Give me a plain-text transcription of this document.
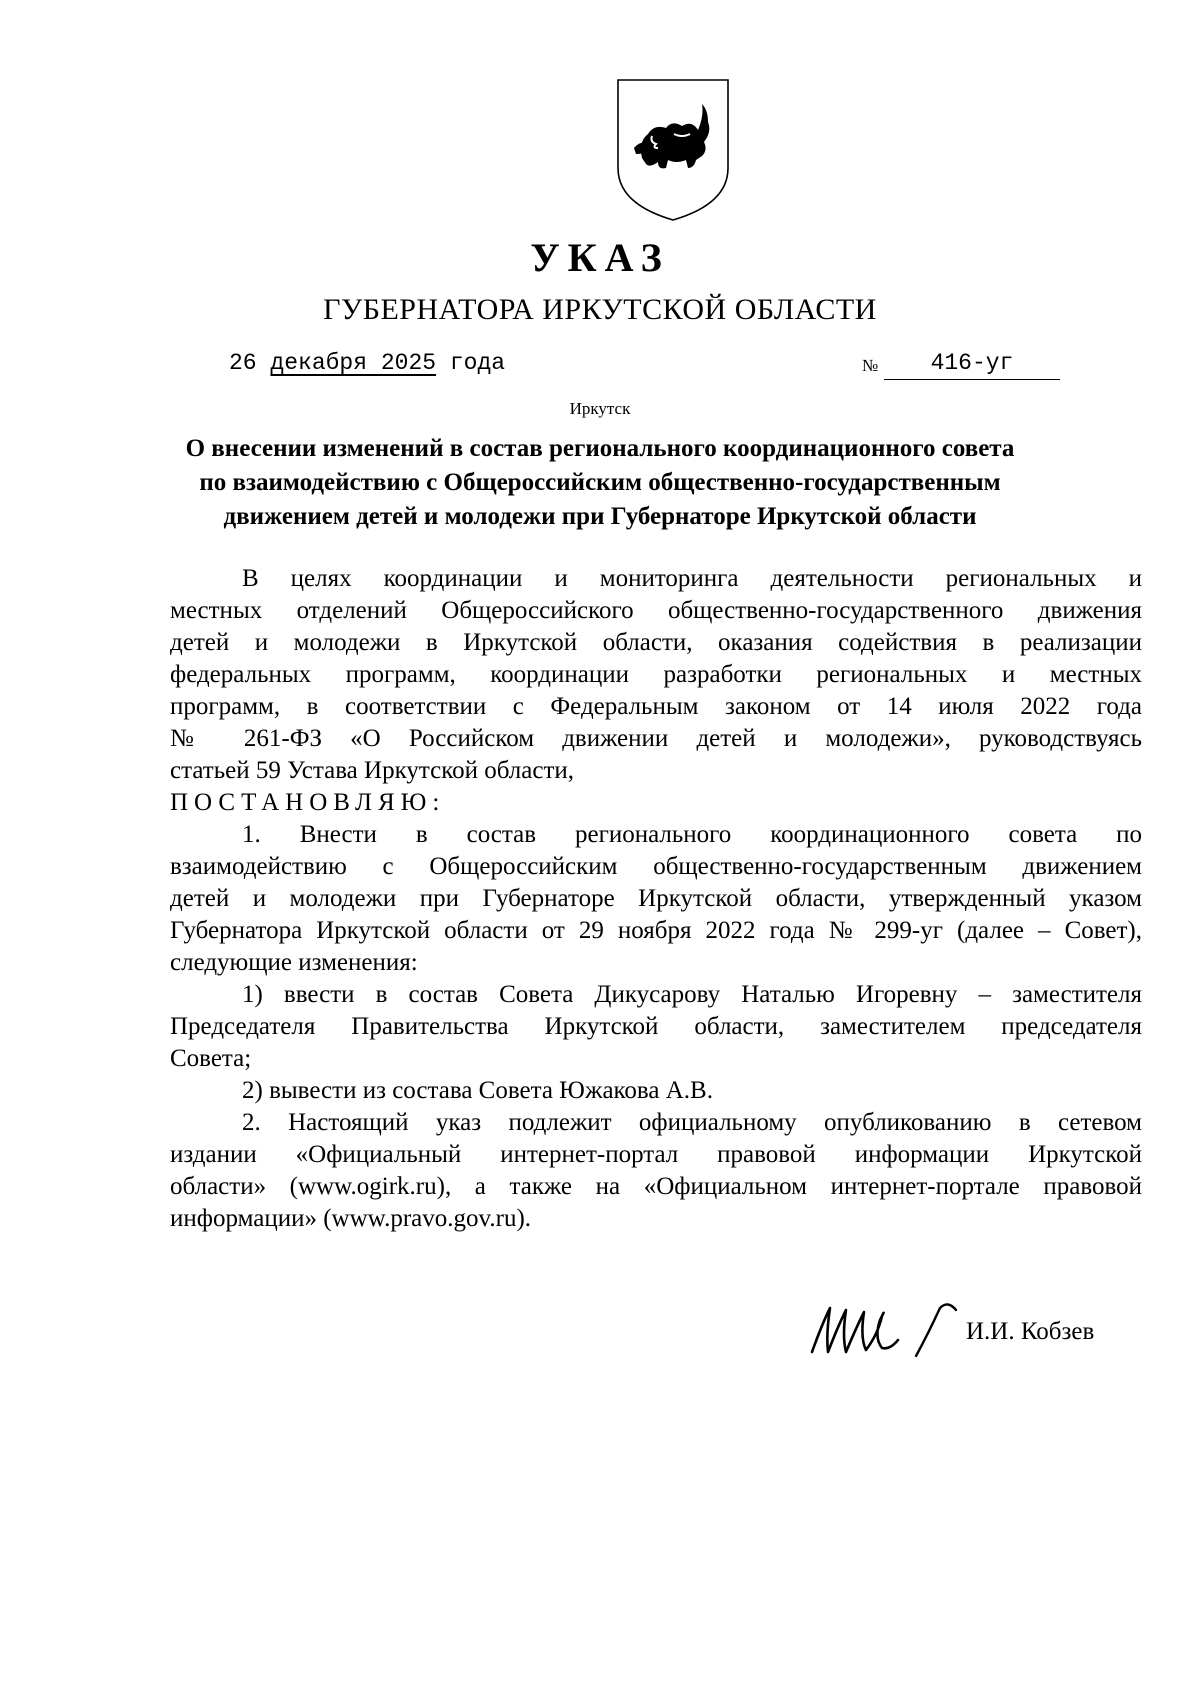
УКАЗ
ГУБЕРНАТОРА ИРКУТСКОЙ ОБЛАСТИ
26 декабря 2025 года	№	416-уг
Иркутск
О внесении изменений в состав регионального координационного совета
по взаимодействию с Общероссийским общественно-государственным
движением детей и молодежи при Губернаторе Иркутской области
В целях координации и мониторинга деятельности региональных и
местных отделений Общероссийского общественно-государственного движения
детей и молодежи в Иркутской области, оказания содействия в реализации
федеральных программ, координации разработки региональных и местных
программ, в соответствии с Федеральным законом от 14 июля 2022 года
№ 261-ФЗ «О Российском движении детей и молодежи», руководствуясь
статьей 59 Устава Иркутской области,
ПОСТАНОВЛЯЮ:
1. Внести в состав регионального координационного совета по
взаимодействию с Общероссийским общественно-государственным движением
детей и молодежи при Губернаторе Иркутской области, утвержденный указом
Губернатора Иркутской области от 29 ноября 2022 года № 299-уг (далее – Совет),
следующие изменения:
1) ввести в состав Совета Дикусарову Наталью Игоревну – заместителя
Председателя Правительства Иркутской области, заместителем председателя
Совета;
2) вывести из состава Совета Южакова А.В.
2. Настоящий указ подлежит официальному опубликованию в сетевом
издании «Официальный интернет-портал правовой информации Иркутской
области» (www.ogirk.ru), а также на «Официальном интернет-портале правовой
информации» (www.pravo.gov.ru).
И.И. Кобзев
